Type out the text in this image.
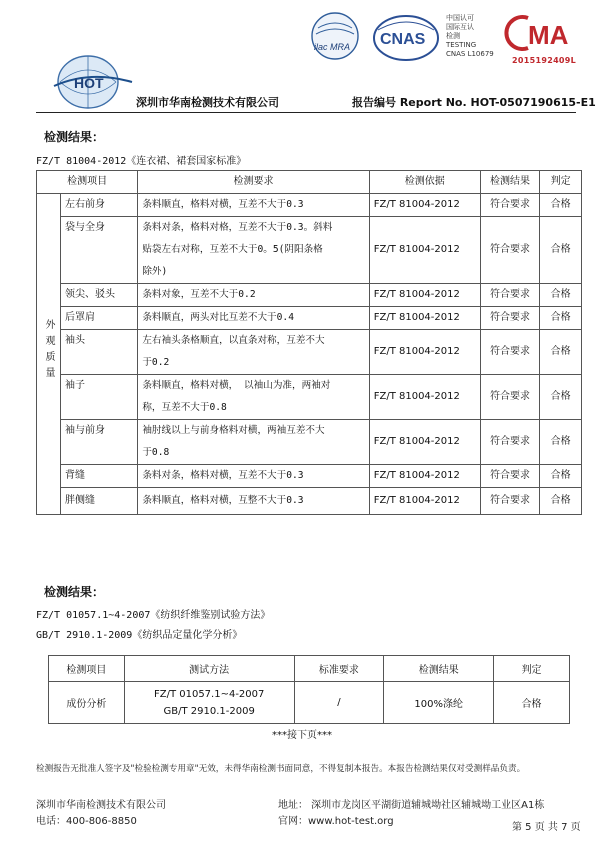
HOT
ilac MRA CNAS
中国认可
国际互认
检测
TESTING
CNAS L10679
MA
2015192409L
深圳市华南检测技术有限公司	报告编号 Report No. HOT-0507190615-E1
检测结果：
FZ/T 81004-2012《连衣裙、裙套国家标准》
检测项目		检测要求	检测依据	检测结果	判定
外观质量	左右前身	条料顺直，格料对横，互差不大于0.3	FZ/T 81004-2012	符合要求	合格
	袋与全身	条料对条，格料对格，互差不大于0.3。斜料
贴袋左右对称，互差不大于0。5(阴阳条格
除外)	FZ/T 81004-2012	符合要求	合格
	领尖、驳头	条料对象，互差不大于0.2	FZ/T 81004-2012	符合要求	合格
	后罩肩	条料顺直，两头对比互差不大于0.4	FZ/T 81004-2012	符合要求	合格
	袖头	左右袖头条格顺直，以直条对称，互差不大
于0.2	FZ/T 81004-2012	符合要求	合格
	袖子	条料顺直，格料对横， 以袖山为准，两袖对
称，互差不大于0.8	FZ/T 81004-2012	符合要求	合格
	袖与前身	袖肘线以上与前身格料对横，两袖互差不大
于0.8	FZ/T 81004-2012	符合要求	合格
	背缝	条料对条，格料对横，互差不大于0.3	FZ/T 81004-2012	符合要求	合格
	胖侧缝	条料顺直，格料对横，互整不大于0.3	FZ/T 81004-2012	符合要求	合格
检测结果：
FZ/T 01057.1~4-2007《纺织纤维鉴别试验方法》
GB/T 2910.1-2009《纺织品定量化学分析》
检测项目	测试方法	标准要求	检测结果	判定
成份分析	FZ/T 01057.1~4-2007
GB/T 2910.1-2009	/	100%涤纶	合格
***接下页***
检测报告无批准人签字及"检验检测专用章"无效，未得华南检测书面同意，不得复制本报告。本报告检测结果仅对受测样品负责。
深圳市华南检测技术有限公司
电话：400-806-8850
地址： 深圳市龙岗区平湖街道辅城坳社区辅城坳工业区A1栋
官网：www.hot-test.org
第 5 页 共 7 页
